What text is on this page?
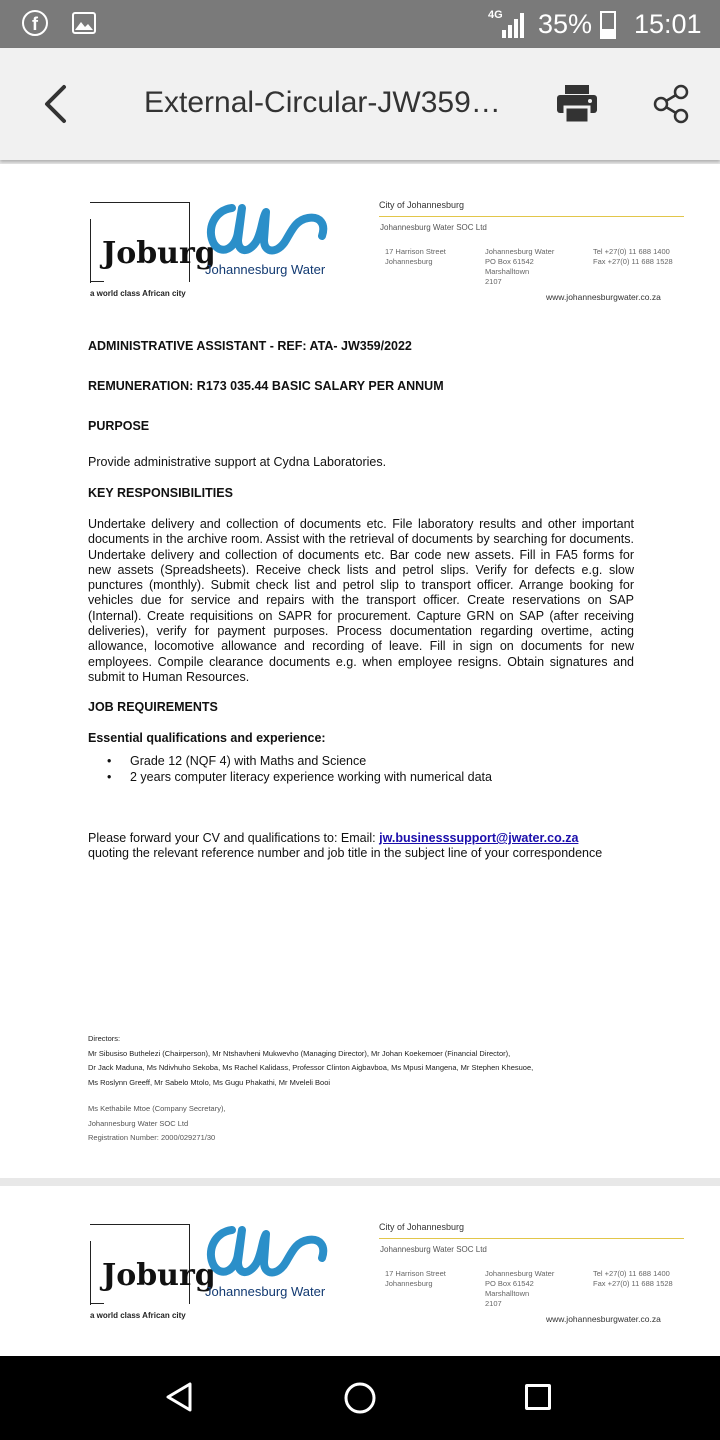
f	4G 35% 15:01
External-Circular-JW359…
Joburg
a world class African city
Johannesburg Water
City of Johannesburg
Johannesburg Water SOC Ltd
17 Harrison Street
Johannesburg
Johannesburg Water
PO Box 61542
Marshalltown
2107
Tel +27(0) 11 688 1400
Fax +27(0) 11 688 1528
www.johannesburgwater.co.za
ADMINISTRATIVE ASSISTANT - REF: ATA- JW359/2022
REMUNERATION: R173 035.44 BASIC SALARY PER ANNUM
PURPOSE
Provide administrative support at Cydna Laboratories.
KEY RESPONSIBILITIES
Undertake delivery and collection of documents etc. File laboratory results and other important documents in the archive room. Assist with the retrieval of documents by searching for documents. Undertake delivery and collection of documents etc. Bar code new assets. Fill in FA5 forms for new assets (Spreadsheets). Receive check lists and petrol slips. Verify for defects e.g. slow punctures (monthly). Submit check list and petrol slip to transport officer. Arrange booking for vehicles due for service and repairs with the transport officer. Create reservations on SAP (Internal). Create requisitions on SAPR for procurement. Capture GRN on SAP (after receiving deliveries), verify for payment purposes. Process documentation regarding overtime, acting allowance, locomotive allowance and recording of leave. Fill in sign on documents for new employees. Compile clearance documents e.g. when employee resigns. Obtain signatures and submit to Human Resources.
JOB REQUIREMENTS
Essential qualifications and experience:
• Grade 12 (NQF 4) with Maths and Science
• 2 years computer literacy experience working with numerical data
Please forward your CV and qualifications to: Email: jw.businesssupport@jwater.co.za
quoting the relevant reference number and job title in the subject line of your correspondence
Directors:
Mr Sibusiso Buthelezi (Chairperson), Mr Ntshavheni Mukwevho (Managing Director), Mr Johan Koekemoer (Financial Director),
Dr Jack Maduna, Ms Ndivhuho Sekoba, Ms Rachel Kalidass, Professor Clinton Aigbavboa, Ms Mpusi Mangena, Mr Stephen Khesuoe,
Ms Roslynn Greeff, Mr Sabelo Mtolo, Ms Gugu Phakathi, Mr Mveleli Booi
Ms Kethabile Mtoe (Company Secretary),
Johannesburg Water SOC Ltd
Registration Number: 2000/029271/30
Joburg
a world class African city
Johannesburg Water
City of Johannesburg
Johannesburg Water SOC Ltd
17 Harrison Street
Johannesburg
Johannesburg Water
PO Box 61542
Marshalltown
2107
Tel +27(0) 11 688 1400
Fax +27(0) 11 688 1528
www.johannesburgwater.co.za
